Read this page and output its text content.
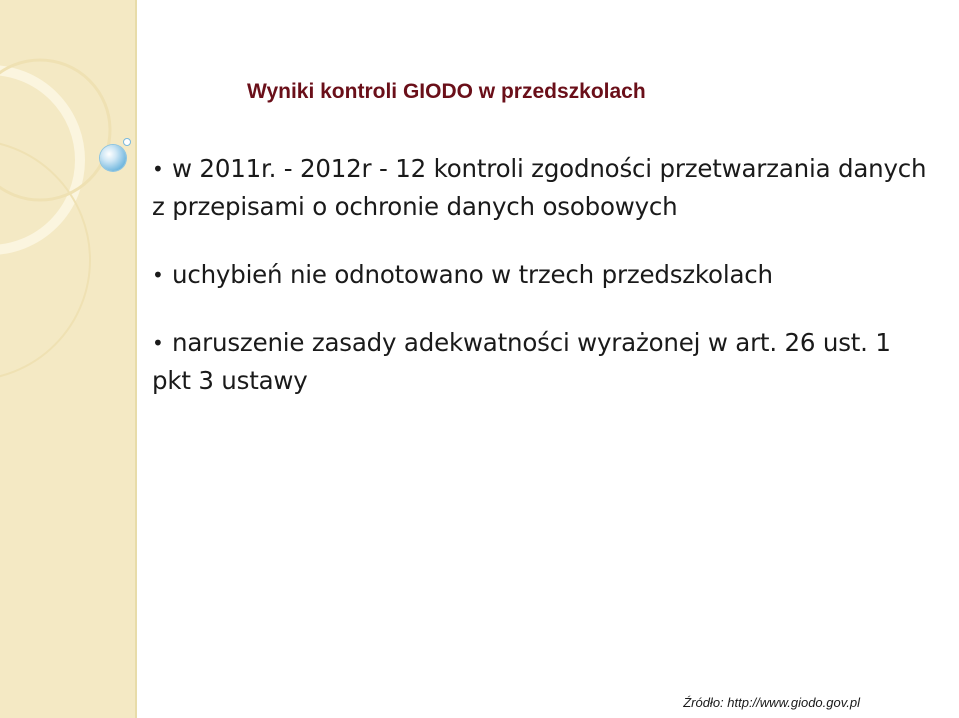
Wyniki kontroli GIODO w przedszkolach
• w 2011r. - 2012r - 12 kontroli zgodności przetwarzania danych z przepisami o ochronie danych osobowych
• uchybień nie odnotowano w trzech przedszkolach
• naruszenie zasady adekwatności wyrażonej w art. 26 ust. 1 pkt 3 ustawy
Źródło: http://www.giodo.gov.pl
